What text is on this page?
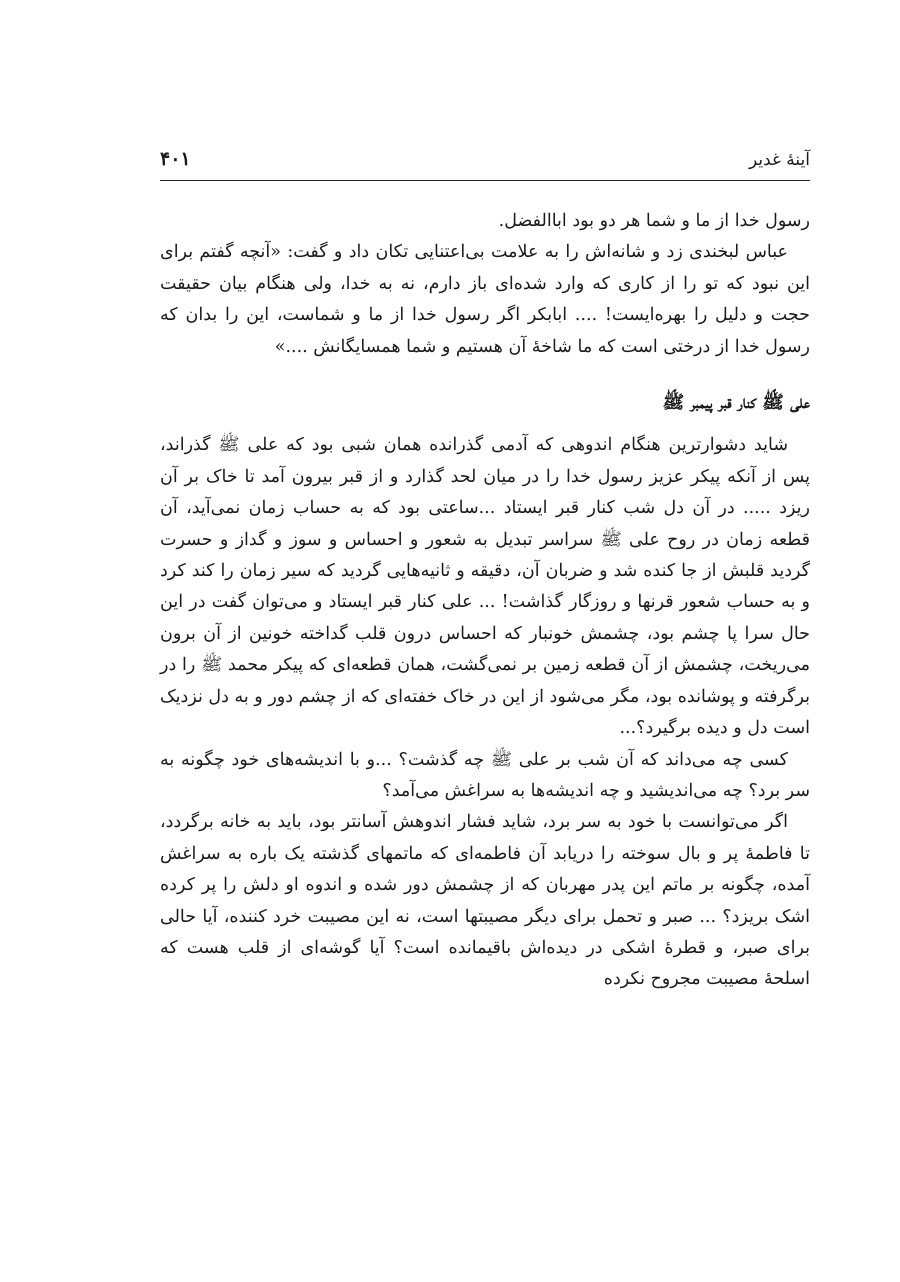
آينهٔ غدير
۴۰۱

رسول خدا از ما و شما هر دو بود اباالفضل.

عباس لبخندى زد و شانه‌اش را به علامت بى‌اعتنايى تكان داد و گفت: «آنچه گفتم براى اين نبود كه تو را از كارى كه وارد شده‌اى باز دارم، نه به خدا، ولى هنگام بيان حقيقت حجت و دليل را بهره‌ايست! .... ابابكر اگر رسول خدا از ما و شماست، اين را بدان كه رسول خدا از درختى است كه ما شاخهٔ آن هستيم و شما همسايگانش ....»

على ﷺ كنار قبر پيمبر ﷺ

شايد دشوارترين هنگام اندوهى كه آدمى گذرانده همان شبى بود كه على ﷺ گذراند، پس از آنكه پيكر عزيز رسول خدا را در ميان لحد گذارد و از قبر بيرون آمد تا خاک بر آن ريزد ..... در آن دل شب كنار قبر ايستاد ...ساعتى بود كه به حساب زمان نمى‌آيد، آن قطعه زمان در روح على ﷺ سراسر تبديل به شعور و احساس و سوز و گداز و حسرت گرديد قلبش از جا كنده شد و ضربان آن، دقيقه و ثانيه‌هايى گرديد كه سير زمان را كند كرد و به حساب شعور قرنها و روزگار گذاشت! ... على كنار قبر ايستاد و مى‌توان گفت در اين حال سرا پا چشم بود، چشمش خونبار كه احساس درون قلب گداخته خونين از آن برون مى‌ريخت، چشمش از آن قطعه زمين بر نمى‌گشت، همان قطعه‌اى كه پيكر محمد ﷺ را در برگرفته و پوشانده بود، مگر مى‌شود از اين در خاک خفته‌اى كه از چشم دور و به دل نزديک است دل و ديده برگيرد؟...

كسى چه مى‌داند كه آن شب بر على ﷺ چه گذشت؟ ...و با انديشه‌هاى خود چگونه به سر برد؟ چه مى‌انديشيد و چه انديشه‌ها به سراغش مى‌آمد؟

اگر مى‌توانست با خود به سر برد، شايد فشار اندوهش آسانتر بود، بايد به خانه برگردد، تا فاطمهٔ پر و بال سوخته را دريابد آن فاطمه‌اى كه ماتمهاى گذشته يک باره به سراغش آمده، چگونه بر ماتم اين پدر مهربان كه از چشمش دور شده و اندوه او دلش را پر كرده اشک بريزد؟ ... صبر و تحمل براى ديگر مصيبتها است، نه اين مصيبت خرد كننده، آيا حالى براى صبر، و قطرهٔ اشكى در ديده‌اش باقيمانده است؟ آيا گوشه‌اى از قلب هست كه اسلحهٔ مصيبت مجروح نكرده
